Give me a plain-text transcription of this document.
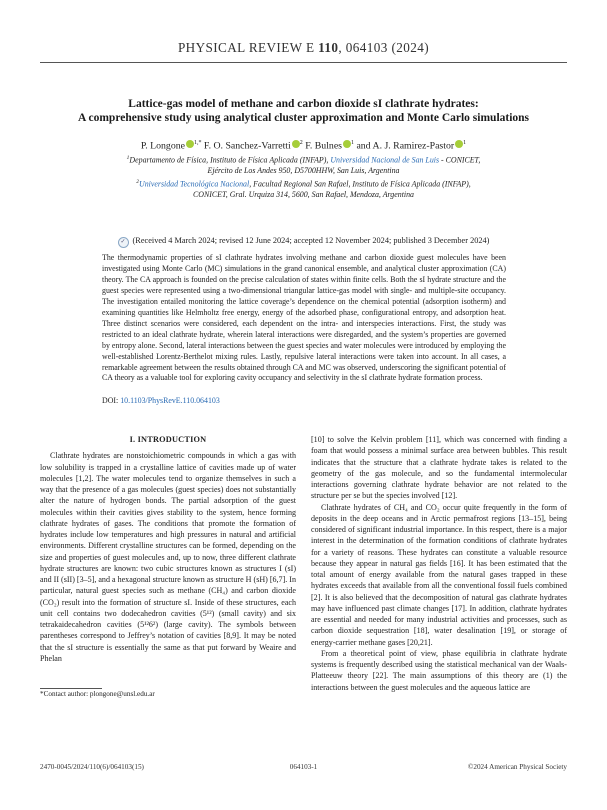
PHYSICAL REVIEW E 110, 064103 (2024)
Lattice-gas model of methane and carbon dioxide sI clathrate hydrates:
A comprehensive study using analytical cluster approximation and Monte Carlo simulations
P. Longone $^{1,*}$ F. O. Sanchez-Varretti $^2$ F. Bulnes $^1$ and A. J. Ramirez-Pastor $^1$
$^1$Departamento de Física, Instituto de Física Aplicada (INFAP), Universidad Nacional de San Luis - CONICET,
Ejército de Los Andes 950, D5700HHW, San Luis, Argentina
$^2$Universidad Tecnológica Nacional, Facultad Regional San Rafael, Instituto de Física Aplicada (INFAP),
CONICET, Gral. Urquiza 314, 5600, San Rafael, Mendoza, Argentina
✓ (Received 4 March 2024; revised 12 June 2024; accepted 12 November 2024; published 3 December 2024)
The thermodynamic properties of sI clathrate hydrates involving methane and carbon dioxide guest molecules have been investigated using Monte Carlo (MC) simulations in the grand canonical ensemble, and analytical cluster approximation (CA) theory. The CA approach is founded on the precise calculation of states within finite cells. Both the sI hydrate structure and the guest species were represented using a two-dimensional triangular lattice-gas model with single- and multiple-site occupancy. The investigation entailed monitoring the lattice coverage’s dependence on the chemical potential (adsorption isotherm) and examining quantities like Helmholtz free energy, energy of the adsorbed phase, configurational entropy, and adsorption heat. Three distinct scenarios were considered, each dependent on the intra- and interspecies interactions. First, the study was restricted to an ideal clathrate hydrate, wherein lateral interactions were disregarded, and the system’s properties are governed by entropy alone. Second, lateral interactions between the guest species and water molecules were introduced by employing the well-established Lorentz-Berthelot mixing rules. Lastly, repulsive lateral interactions were taken into account. In all cases, a remarkable agreement between the results obtained through CA and MC was observed, underscoring the significant potential of CA theory as a valuable tool for exploring cavity occupancy and selectivity in the sI clathrate hydrate formation process.
DOI: 10.1103/PhysRevE.110.064103
I. INTRODUCTION

Clathrate hydrates are nonstoichiometric compounds in which a gas with low solubility is trapped in a crystalline lattice of cavities made up of water molecules [1,2]. The water molecules tend to organize themselves in such a way that the presence of a gas molecules (guest species) does not substantially alter the nature of hydrogen bonds. The partial adsorption of the guest molecules within their cavities gives stability to the system, hence forming clathrate hydrates of gases. The conditions that promote the formation of hydrates include low temperatures and high pressures in natural and artificial environments. Different crystalline structures can be formed, depending on the size and properties of guest molecules and, up to now, three different clathrate hydrate structures are known: two cubic structures known as structures I (sI) and II (sII) [3–5], and a hexagonal structure known as structure H (sH) [6,7]. In particular, natural guest species such as methane (CH₄) and carbon dioxide (CO₂) result into the formation of structure sI. Inside of these structures, each unit cell contains two dodecahedron cavities (5¹²) (small cavity) and six tetrakaidecahedron cavities (5¹²6²) (large cavity). The symbols between parentheses correspond to Jeffrey’s notation of cavities [8,9]. It may be noted that the sI structure is essentially the same as that put forward by Weaire and Phelan

[10] to solve the Kelvin problem [11], which was concerned with finding a foam that would possess a minimal surface area between bubbles. This result indicates that the structure that a clathrate hydrate takes is related to the geometry of the gas molecule, and so the fundamental intermolecular interactions governing clathrate hydrate behavior are not related to the structure per se but the species involved [12].

Clathrate hydrates of CH₄ and CO₂ occur quite frequently in the form of deposits in the deep oceans and in Arctic permafrost regions [13–15], being considered of significant industrial importance. In this respect, there is a major interest in the determination of the formation conditions of clathrate hydrates for a variety of reasons. These hydrates can constitute a valuable resource because they appear in natural gas fields [16]. It has been estimated that the total amount of energy available from the natural gases trapped in these hydrates exceeds that available from all the conventional fossil fuels combined [2]. It is also believed that the decomposition of natural gas clathrate hydrates may have influenced past climate changes [17]. In addition, clathrate hydrates are essential and needed for many industrial activities and processes, such as carbon dioxide sequestration [18], water desalination [19], or storage of energy-carrier methane gases [20,21].

From a theoretical point of view, phase equilibria in clathrate hydrate systems is frequently described using the statistical mechanical van der Waals-Platteeuw theory [22]. The main assumptions of this theory are (1) the interactions between the guest molecules and the aqueous lattice are

*Contact author: plongone@unsl.edu.ar
2470-0045/2024/110(6)/064103(15)	064103-1	©2024 American Physical Society
